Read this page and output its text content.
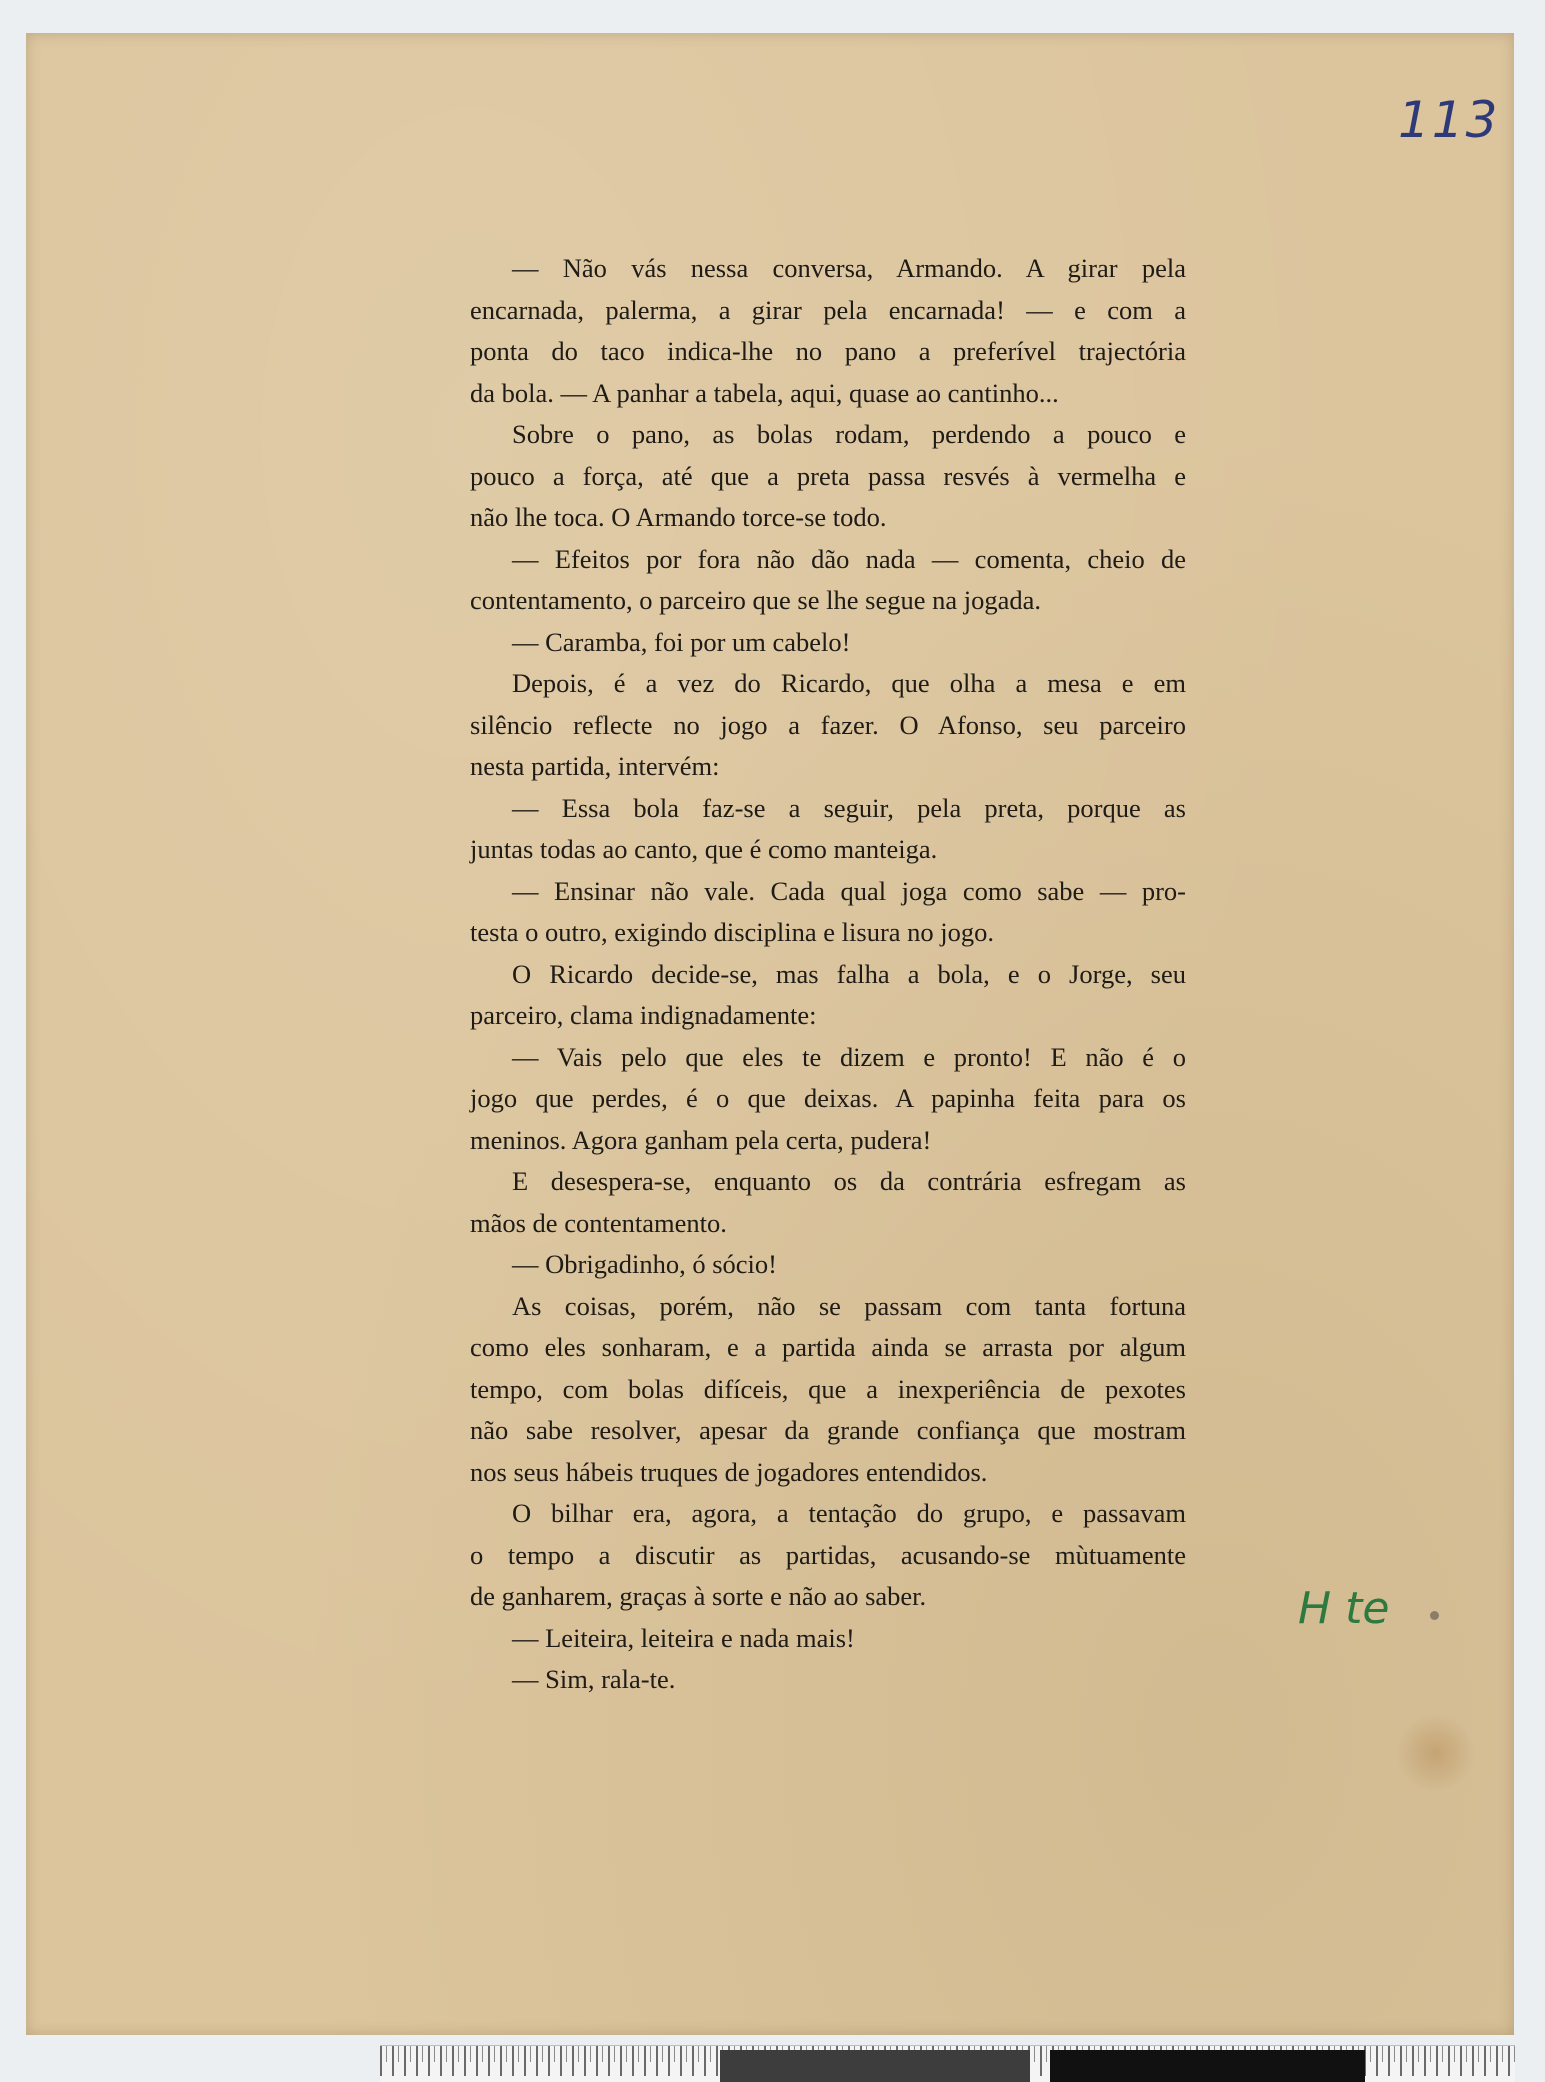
113
H te
— Não vás nessa conversa, Armando. A girar pela
encarnada, palerma, a girar pela encarnada! — e com a
ponta do taco indica-lhe no pano a preferível trajectória
da bola. — A panhar a tabela, aqui, quase ao cantinho...
Sobre o pano, as bolas rodam, perdendo a pouco e
pouco a força, até que a preta passa resvés à vermelha e
não lhe toca. O Armando torce-se todo.
— Efeitos por fora não dão nada — comenta, cheio de
contentamento, o parceiro que se lhe segue na jogada.
— Caramba, foi por um cabelo!
Depois, é a vez do Ricardo, que olha a mesa e em
silêncio reflecte no jogo a fazer. O Afonso, seu parceiro
nesta partida, intervém:
— Essa bola faz-se a seguir, pela preta, porque as
juntas todas ao canto, que é como manteiga.
— Ensinar não vale. Cada qual joga como sabe — pro-
testa o outro, exigindo disciplina e lisura no jogo.
O Ricardo decide-se, mas falha a bola, e o Jorge, seu
parceiro, clama indignadamente:
— Vais pelo que eles te dizem e pronto! E não é o
jogo que perdes, é o que deixas. A papinha feita para os
meninos. Agora ganham pela certa, pudera!
E desespera-se, enquanto os da contrária esfregam as
mãos de contentamento.
— Obrigadinho, ó sócio!
As coisas, porém, não se passam com tanta fortuna
como eles sonharam, e a partida ainda se arrasta por algum
tempo, com bolas difíceis, que a inexperiência de pexotes
não sabe resolver, apesar da grande confiança que mostram
nos seus hábeis truques de jogadores entendidos.
O bilhar era, agora, a tentação do grupo, e passavam
o tempo a discutir as partidas, acusando-se mùtuamente
de ganharem, graças à sorte e não ao saber.
— Leiteira, leiteira e nada mais!
— Sim, rala-te.
